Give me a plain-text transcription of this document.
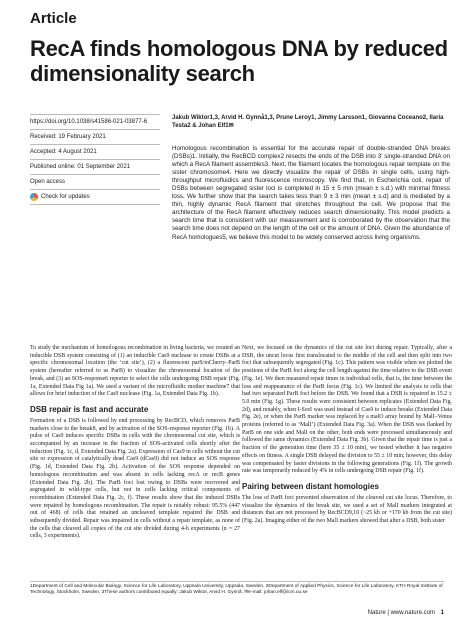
Article
RecA finds homologous DNA by reduced dimensionality search
https://doi.org/10.1038/s41586-021-03877-6
Received: 19 February 2021
Accepted: 4 August 2021
Published online: 01 September 2021
Open access
Check for updates
Jakub Wiktor1,3, Arvid H. Gynnå1,3, Prune Leroy1, Jimmy Larsson1, Giovanna Coceano2, Ilaria Testa2 & Johan Elf1✉
Homologous recombination is essential for the accurate repair of double-stranded DNA breaks (DSBs)1. Initially, the RecBCD complex2 resects the ends of the DSB into 3′ single-stranded DNA on which a RecA filament assembles3. Next, the filament locates the homologous repair template on the sister chromosome4. Here we directly visualize the repair of DSBs in single cells, using high-throughput microfluidics and fluorescence microscopy. We find that, in Escherichia coli, repair of DSBs between segregated sister loci is completed in 15 ± 5 min (mean ± s.d.) with minimal fitness loss. We further show that the search takes less than 9 ± 3 min (mean ± s.d) and is mediated by a thin, highly dynamic RecA filament that stretches throughout the cell. We propose that the architecture of the RecA filament effectively reduces search dimensionality. This model predicts a search time that is consistent with our measurement and is corroborated by the observation that the search time does not depend on the length of the cell or the amount of DNA. Given the abundance of RecA homologues5, we believe this model to be widely conserved across living organisms.

To study the mechanism of homologous recombination in living bacteria, we created an inducible DSB system consisting of (1) an inducible Cas9 nuclease to create DSBs at a specific chromosomal location (the ‘cut site’), (2) a fluorescent parS/mCherry–ParB system (hereafter referred to as ParB) to visualize the chromosomal location of the break, and (3) an SOS-response6 reporter to select the cells undergoing DSB repair (Fig. 1a, Extended Data Fig 1a). We used a variant of the microfluidic mother machine7 that allows for brief induction of the Cas9 nuclease (Fig. 1a, Extended Data Fig. 1b).

DSB repair is fast and accurate

Formation of a DSB is followed by end processing by RecBCD, which removes ParB markers close to the break8, and by activation of the SOS-response reporter (Fig. 1b). A pulse of Cas9 induces specific DSBs in cells with the chromosomal cut site, which is accompanied by an increase in the fraction of SOS-activated cells shortly after the induction (Fig. 1c, d, Extended Data Fig. 2a). Expression of Cas9 in cells without the cut site or expression of catalytically dead Cas9 (dCas9) did not induce an SOS response (Fig. 1d, Extended Data Fig. 2b). Activation of the SOS response depended on homologous recombination and was absent in cells lacking recA or recB genes (Extended Data Fig. 2b). The ParB foci lost owing to DSBs were recovered and segregated in wild-type cells, but not in cells lacking critical components of recombination (Extended Data Fig. 2c, f). These results show that the induced DSBs were repaired by homologous recombination. The repair is notably robust: 95.5% (447 out of 468) of cells that retained an uncleaved template repaired the DSB and subsequently divided. Repair was impaired in cells without a repair template, as none of the cells that cleaved all copies of the cut site divided during 4-h experiments (n = 27 cells, 3 experiments).

Next, we focused on the dynamics of the cut site loci during repair. Typically, after a DSB, the uncut locus first translocated to the middle of the cell and then split into two foci that subsequently segregated (Fig. 1c). This pattern was visible when we plotted the positions of the ParB foci along the cell length against the time relative to the DSB event (Fig. 1e). We then measured repair times in individual cells, that is, the time between the loss and reappearance of the ParB focus (Fig. 1c). We limited the analysis to cells that had two separated ParB foci before the DSB. We found that a DSB is repaired in 15.2 ± 5.0 min (Fig. 1g). These results were consistent between replicates (Extended Data Fig. 2d), and notably, when I-SceI was used instead of Cas9 to induce breaks (Extended Data Fig. 2e), or when the ParB marker was replaced by a malO array bound by MalI–Venus proteins (referred to as ‘MalI’) (Extended Data Fig. 3a). When the DSB was flanked by ParB on one side and MalI on the other, both ends were processed simultaneously and followed the same dynamics (Extended Data Fig. 3b). Given that the repair time is just a fraction of the generation time (here 35 ± 10 min), we tested whether it has negative effects on fitness. A single DSB delayed the division to 55 ± 10 min; however, this delay was compensated by faster divisions in the following generations (Fig. 1f). The growth rate was temporarily reduced by 4% in cells undergoing DSB repair (Fig. 1f).

Pairing between distant homologies

The loss of ParB foci prevented observation of the cleaved cut site locus. Therefore, to visualize the dynamics of the break site, we used a set of MalI markers integrated at distances that are not processed by RecBCD9,10 (~25 kb or +170 kb from the cut site) (Fig. 2a). Imaging either of the two MalI markers showed that after a DSB, both sister

1Department of Cell and Molecular Biology, Science for Life Laboratory, Uppsala University, Uppsala, Sweden. 2Department of Applied Physics, Science for Life Laboratory, KTH Royal Institute of Technology, Stockholm, Sweden. 3These authors contributed equally: Jakub Wiktor, Arvid H. Gynnå. ✉e-mail: johan.elf@icm.uu.se
Nature | www.nature.com 1
